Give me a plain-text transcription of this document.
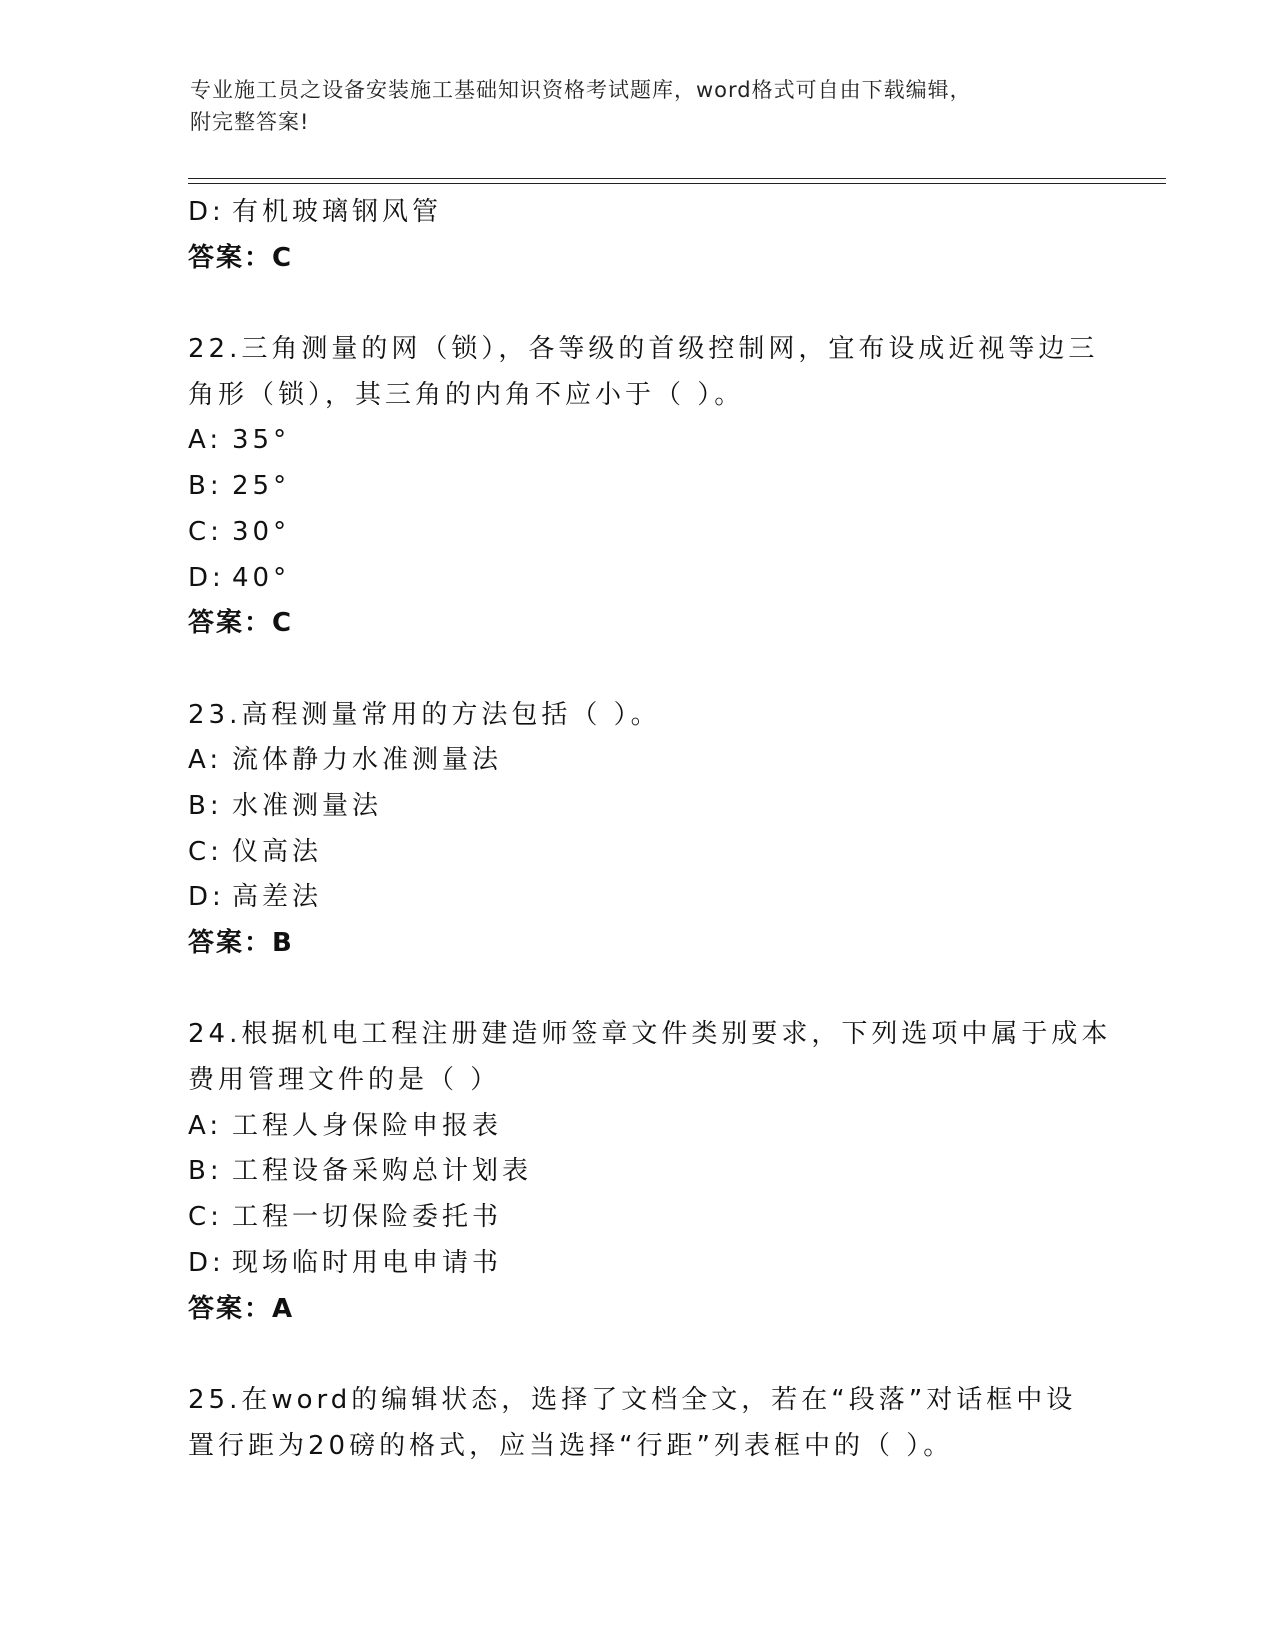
专业施工员之设备安装施工基础知识资格考试题库，word格式可自由下载编辑，
附完整答案!
D: 有机玻璃钢风管
答案：C
22.三角测量的网（锁），各等级的首级控制网，宜布设成近视等边三
角形（锁），其三角的内角不应小于（ ）。
A: 35°
B: 25°
C: 30°
D: 40°
答案：C
23.高程测量常用的方法包括（ ）。
A: 流体静力水准测量法
B: 水准测量法
C: 仪高法
D: 高差法
答案：B
24.根据机电工程注册建造师签章文件类别要求，下列选项中属于成本
费用管理文件的是（ ）
A: 工程人身保险申报表
B: 工程设备采购总计划表
C: 工程一切保险委托书
D: 现场临时用电申请书
答案：A
25.在word的编辑状态，选择了文档全文，若在“段落”对话框中设
置行距为20磅的格式，应当选择“行距”列表框中的（ ）。
